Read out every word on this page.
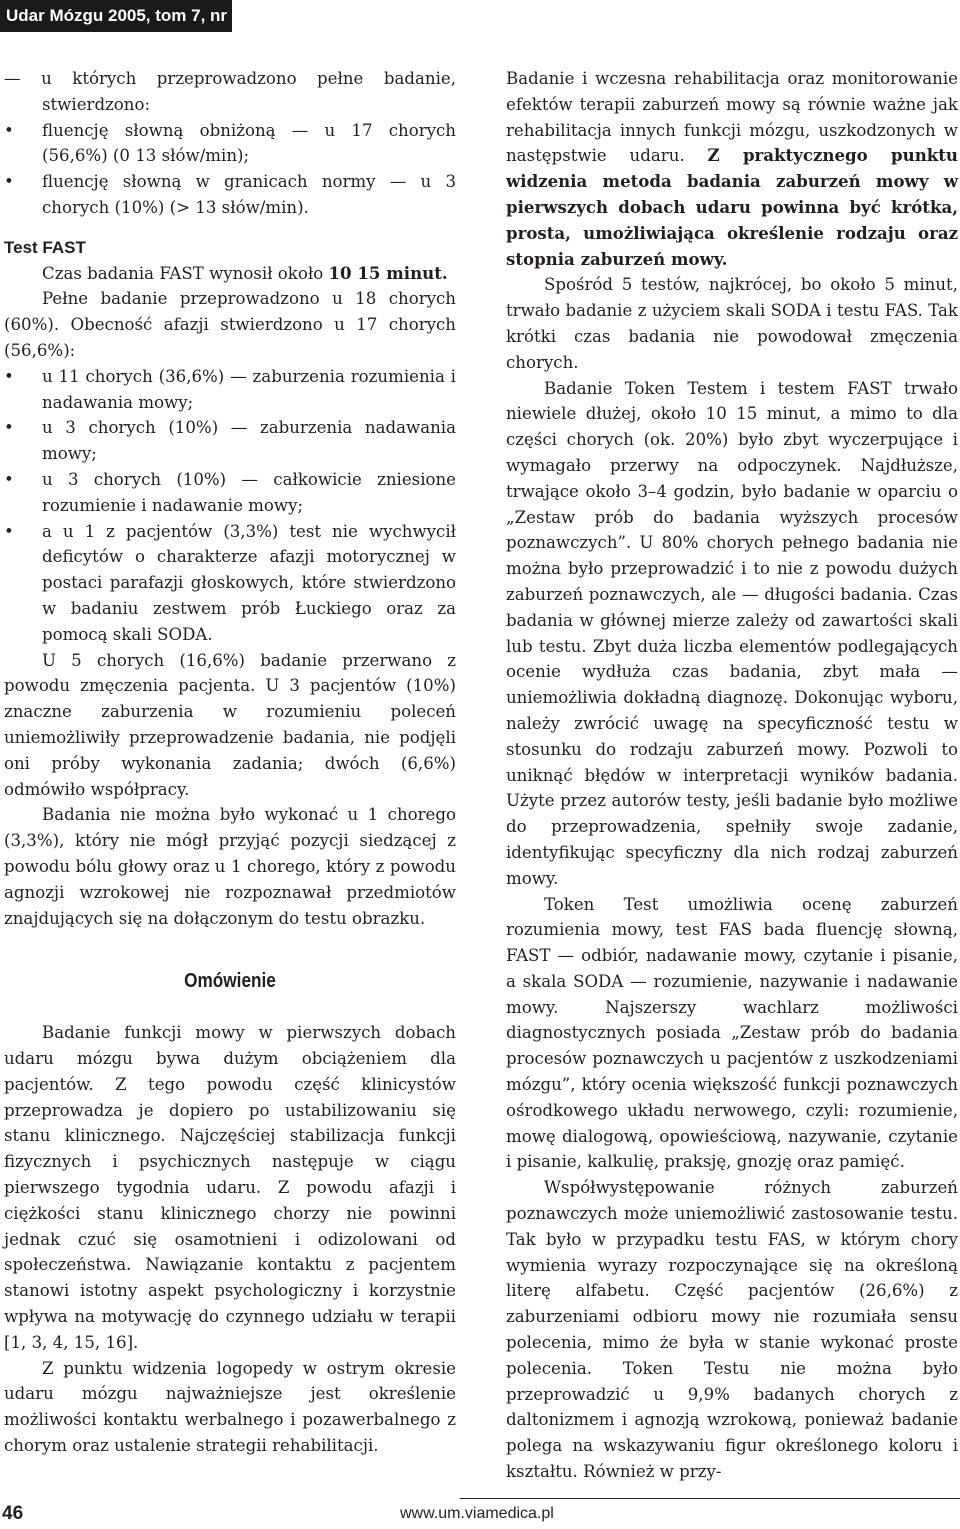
Udar Mózgu 2005, tom 7, nr 2

— u których przeprowadzono pełne badanie, stwierdzono:

• fluencję słowną obniżoną — u 17 chorych (56,6%) (0 13 słów/min);

• fluencję słowną w granicach normy — u 3 chorych (10%) (> 13 słów/min).

Test FAST

Czas badania FAST wynosił około 10 15 minut.

Pełne badanie przeprowadzono u 18 chorych (60%). Obecność afazji stwierdzono u 17 chorych (56,6%):

• u 11 chorych (36,6%) — zaburzenia rozumienia i nadawania mowy;

• u 3 chorych (10%) — zaburzenia nadawania mowy;

• u 3 chorych (10%) — całkowicie zniesione rozumienie i nadawanie mowy;

• a u 1 z pacjentów (3,3%) test nie wychwycił deficytów o charakterze afazji motorycznej w postaci parafazji głoskowych, które stwierdzono w badaniu zestwem prób Łuckiego oraz za pomocą skali SODA.

U 5 chorych (16,6%) badanie przerwano z powodu zmęczenia pacjenta. U 3 pacjentów (10%) znaczne zaburzenia w rozumieniu poleceń uniemożliwiły przeprowadzenie badania, nie podjęli oni próby wykonania zadania; dwóch (6,6%) odmówiło współpracy.

Badania nie można było wykonać u 1 chorego (3,3%), który nie mógł przyjąć pozycji siedzącej z powodu bólu głowy oraz u 1 chorego, który z powodu agnozji wzrokowej nie rozpoznawał przedmiotów znajdujących się na dołączonym do testu obrazku.

Omówienie

Badanie funkcji mowy w pierwszych dobach udaru mózgu bywa dużym obciążeniem dla pacjentów. Z tego powodu część klinicystów przeprowadza je dopiero po ustabilizowaniu się stanu klinicznego. Najczęściej stabilizacja funkcji fizycznych i psychicznych następuje w ciągu pierwszego tygodnia udaru. Z powodu afazji i ciężkości stanu klinicznego chorzy nie powinni jednak czuć się osamotnieni i odizolowani od społeczeństwa. Nawiązanie kontaktu z pacjentem stanowi istotny aspekt psychologiczny i korzystnie wpływa na motywację do czynnego udziału w terapii [1, 3, 4, 15, 16].

Z punktu widzenia logopedy w ostrym okresie udaru mózgu najważniejsze jest określenie możliwości kontaktu werbalnego i pozawerbalnego z chorym oraz ustalenie strategii rehabilitacji.

Badanie i wczesna rehabilitacja oraz monitorowanie efektów terapii zaburzeń mowy są równie ważne jak rehabilitacja innych funkcji mózgu, uszkodzonych w następstwie udaru. Z praktycznego punktu widzenia metoda badania zaburzeń mowy w pierwszych dobach udaru powinna być krótka, prosta, umożliwiająca określenie rodzaju oraz stopnia zaburzeń mowy.

Spośród 5 testów, najkrócej, bo około 5 minut, trwało badanie z użyciem skali SODA i testu FAS. Tak krótki czas badania nie powodował zmęczenia chorych.

Badanie Token Testem i testem FAST trwało niewiele dłużej, około 10 15 minut, a mimo to dla części chorych (ok. 20%) było zbyt wyczerpujące i wymagało przerwy na odpoczynek. Najdłuższe, trwające około 3–4 godzin, było badanie w oparciu o „Zestaw prób do badania wyższych procesów poznawczych”. U 80% chorych pełnego badania nie można było przeprowadzić i to nie z powodu dużych zaburzeń poznawczych, ale — długości badania. Czas badania w głównej mierze zależy od zawartości skali lub testu. Zbyt duża liczba elementów podlegających ocenie wydłuża czas badania, zbyt mała — uniemożliwia dokładną diagnozę. Dokonując wyboru, należy zwrócić uwagę na specyficzność testu w stosunku do rodzaju zaburzeń mowy. Pozwoli to uniknąć błędów w interpretacji wyników badania. Użyte przez autorów testy, jeśli badanie było możliwe do przeprowadzenia, spełniły swoje zadanie, identyfikując specyficzny dla nich rodzaj zaburzeń mowy.

Token Test umożliwia ocenę zaburzeń rozumienia mowy, test FAS bada fluencję słowną, FAST — odbiór, nadawanie mowy, czytanie i pisanie, a skala SODA — rozumienie, nazywanie i nadawanie mowy. Najszerszy wachlarz możliwości diagnostycznych posiada „Zestaw prób do badania procesów poznawczych u pacjentów z uszkodzeniami mózgu”, który ocenia większość funkcji poznawczych ośrodkowego układu nerwowego, czyli: rozumienie, mowę dialogową, opowieściową, nazywanie, czytanie i pisanie, kalkulię, praksję, gnozję oraz pamięć.

Współwystępowanie różnych zaburzeń poznawczych może uniemożliwić zastosowanie testu. Tak było w przypadku testu FAS, w którym chory wymienia wyrazy rozpoczynające się na określoną literę alfabetu. Część pacjentów (26,6%) z zaburzeniami odbioru mowy nie rozumiała sensu polecenia, mimo że była w stanie wykonać proste polecenia. Token Testu nie można było przeprowadzić u 9,9% badanych chorych z daltonizmem i agnozją wzrokową, ponieważ badanie polega na wskazywaniu figur określonego koloru i kształtu. Również w przy-

46	www.um.viamedica.pl
